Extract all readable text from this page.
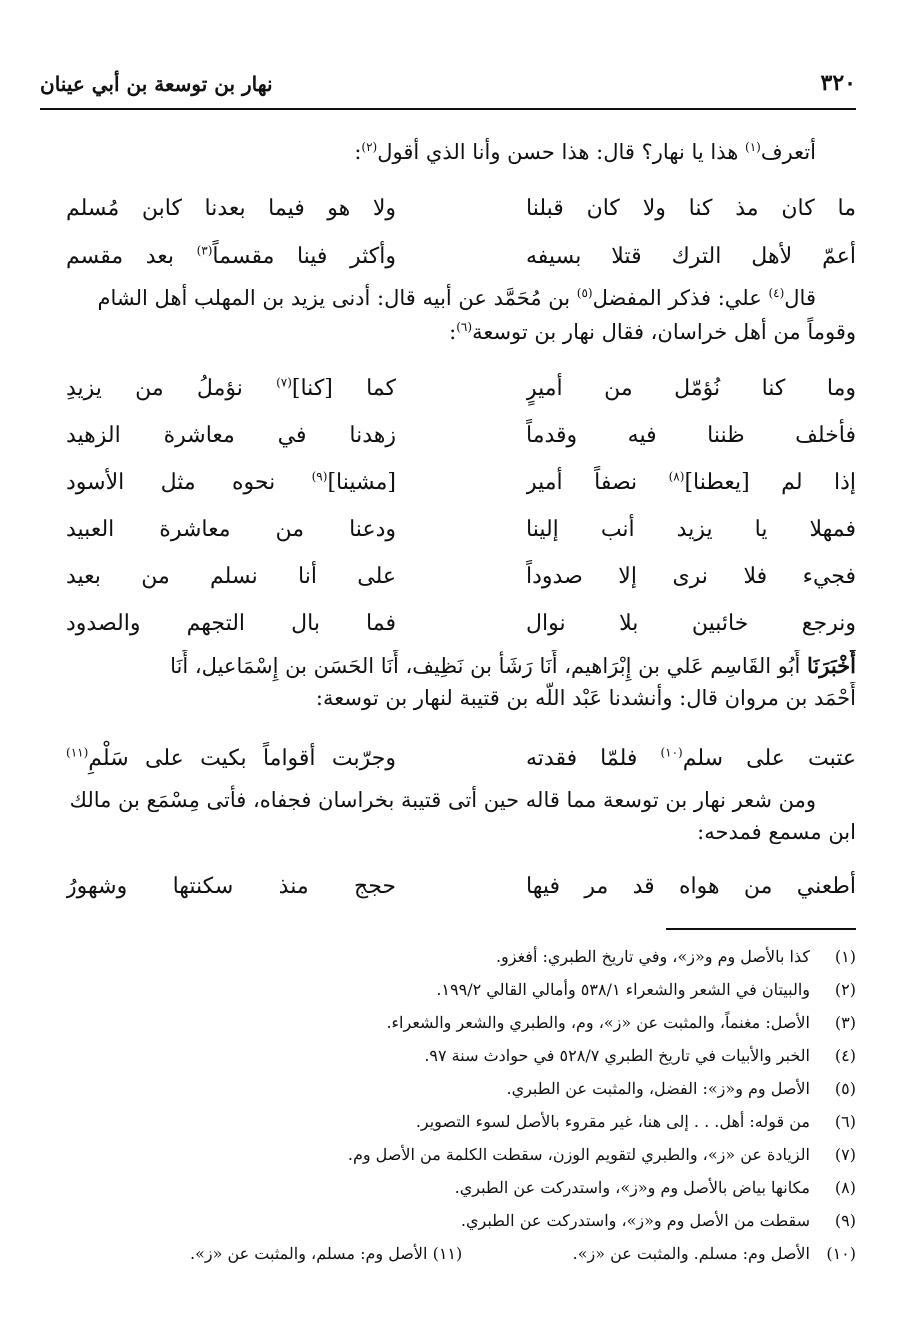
٣٢٠
نهار بن توسعة بن أبي عينان
أتعرف$^{(١)}$ هذا يا نهار؟ قال: هذا حسن وأنا الذي أقول$^{(٢)}$:
ما كان مذ كنا ولا كان قبلنا
ولا هو فيما بعدنا كابن مُسلم
أعمّ لأهل الترك قتلا بسيفه
وأكثر فينا مقسماً$^{(٣)}$ بعد مقسم
قال$^{(٤)}$ علي: فذكر المفضل$^{(٥)}$ بن مُحَمَّد عن أبيه قال: أدنى يزيد بن المهلب أهل الشام
وقوماً من أهل خراسان، فقال نهار بن توسعة$^{(٦)}$:
وما كنا نُؤمّل من أميرٍ
كما [كنا]$^{(٧)}$ نؤملُ من يزيدِ
فأخلف ظننا فيه وقدماً
زهدنا في معاشرة الزهيد
إذا لم [يعطنا]$^{(٨)}$ نصفاً أمير
[مشينا]$^{(٩)}$ نحوه مثل الأسود
فمهلا يا يزيد أنب إلينا
ودعنا من معاشرة العبيد
فجيء فلا نرى إلا صدوداً
على أنا نسلم من بعيد
ونرجع خائبين بلا نوال
فما بال التجهم والصدود
أَخْبَرَنَا أَبُو القَاسِم عَلي بن إِبْرَاهيم، أَنَا رَشَأ بن نَظِيف، أَنَا الحَسَن بن إِسْمَاعيل، أَنَا
أَحْمَد بن مروان قال: وأنشدنا عَبْد اللّه بن قتيبة لنهار بن توسعة:
عتبت على سلم$^{(١٠)}$ فلمّا فقدته
وجرّبت أقواماً بكيت على سَلْمِ$^{(١١)}$
ومن شعر نهار بن توسعة مما قاله حين أتى قتيبة بخراسان فجفاه، فأتى مِسْمَع بن مالك
ابن مسمع فمدحه:
أطعني من هواه قد مر فيها
حجج منذ سكنتها وشهورُ
(١)كذا بالأصل وم و«ز»، وفي تاريخ الطبري: أفغزو.
(٢)والبيتان في الشعر والشعراء ٥٣٨/١ وأمالي القالي ١٩٩/٢.
(٣)الأصل: مغنماً، والمثبت عن «ز»، وم، والطبري والشعر والشعراء.
(٤)الخبر والأبيات في تاريخ الطبري ٥٢٨/٧ في حوادث سنة ٩٧.
(٥)الأصل وم و«ز»: الفضل، والمثبت عن الطبري.
(٦)من قوله: أهل. . . إلى هنا، غير مقروء بالأصل لسوء التصوير.
(٧)الزيادة عن «ز»، والطبري لتقويم الوزن، سقطت الكلمة من الأصل وم.
(٨)مكانها بياض بالأصل وم و«ز»، واستدركت عن الطبري.
(٩)سقطت من الأصل وم و«ز»، واستدركت عن الطبري.
(١٠)الأصل وم: مسلم. والمثبت عن «ز».
(١١) الأصل وم: مسلم، والمثبت عن «ز».
